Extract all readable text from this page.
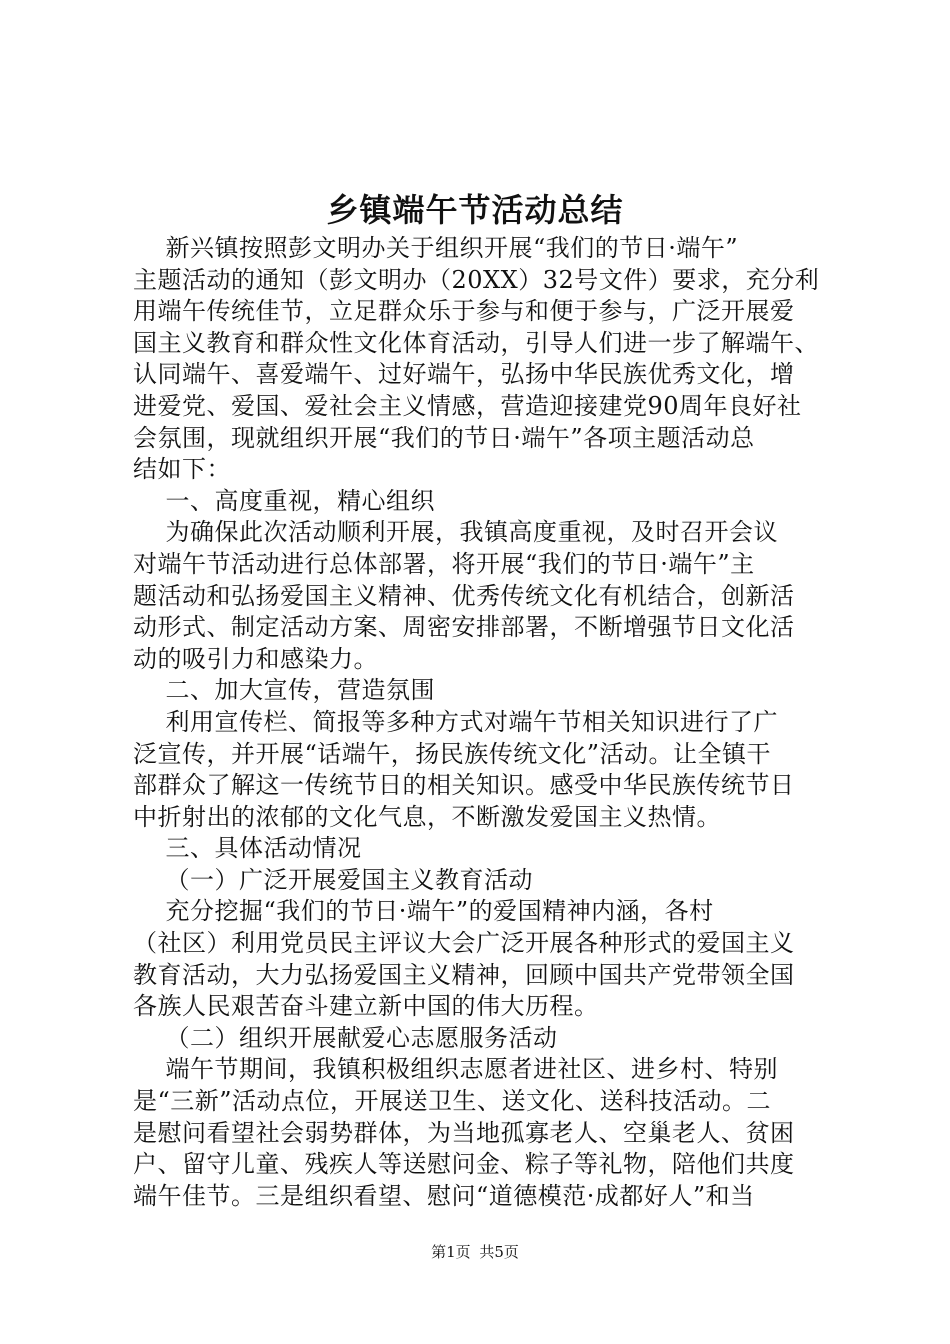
乡镇端午节活动总结
新兴镇按照彭文明办关于组织开展“我们的节日·端午”
主题活动的通知（彭文明办（20XX）32号文件）要求，充分利
用端午传统佳节，立足群众乐于参与和便于参与，广泛开展爱
国主义教育和群众性文化体育活动，引导人们进一步了解端午、
认同端午、喜爱端午、过好端午，弘扬中华民族优秀文化，增
进爱党、爱国、爱社会主义情感，营造迎接建党90周年良好社
会氛围，现就组织开展“我们的节日·端午”各项主题活动总
结如下：
一、高度重视，精心组织
为确保此次活动顺利开展，我镇高度重视，及时召开会议
对端午节活动进行总体部署，将开展“我们的节日·端午”主
题活动和弘扬爱国主义精神、优秀传统文化有机结合，创新活
动形式、制定活动方案、周密安排部署，不断增强节日文化活
动的吸引力和感染力。
二、加大宣传，营造氛围
利用宣传栏、简报等多种方式对端午节相关知识进行了广
泛宣传，并开展“话端午，扬民族传统文化”活动。让全镇干
部群众了解这一传统节日的相关知识。感受中华民族传统节日
中折射出的浓郁的文化气息，不断激发爱国主义热情。
三、具体活动情况
（一）广泛开展爱国主义教育活动
充分挖掘“我们的节日·端午”的爱国精神内涵，各村
（社区）利用党员民主评议大会广泛开展各种形式的爱国主义
教育活动，大力弘扬爱国主义精神，回顾中国共产党带领全国
各族人民艰苦奋斗建立新中国的伟大历程。
（二）组织开展献爱心志愿服务活动
端午节期间，我镇积极组织志愿者进社区、进乡村、特别
是“三新”活动点位，开展送卫生、送文化、送科技活动。二
是慰问看望社会弱势群体，为当地孤寡老人、空巢老人、贫困
户、留守儿童、残疾人等送慰问金、粽子等礼物，陪他们共度
端午佳节。三是组织看望、慰问“道德模范·成都好人”和当
第1页 共5页
